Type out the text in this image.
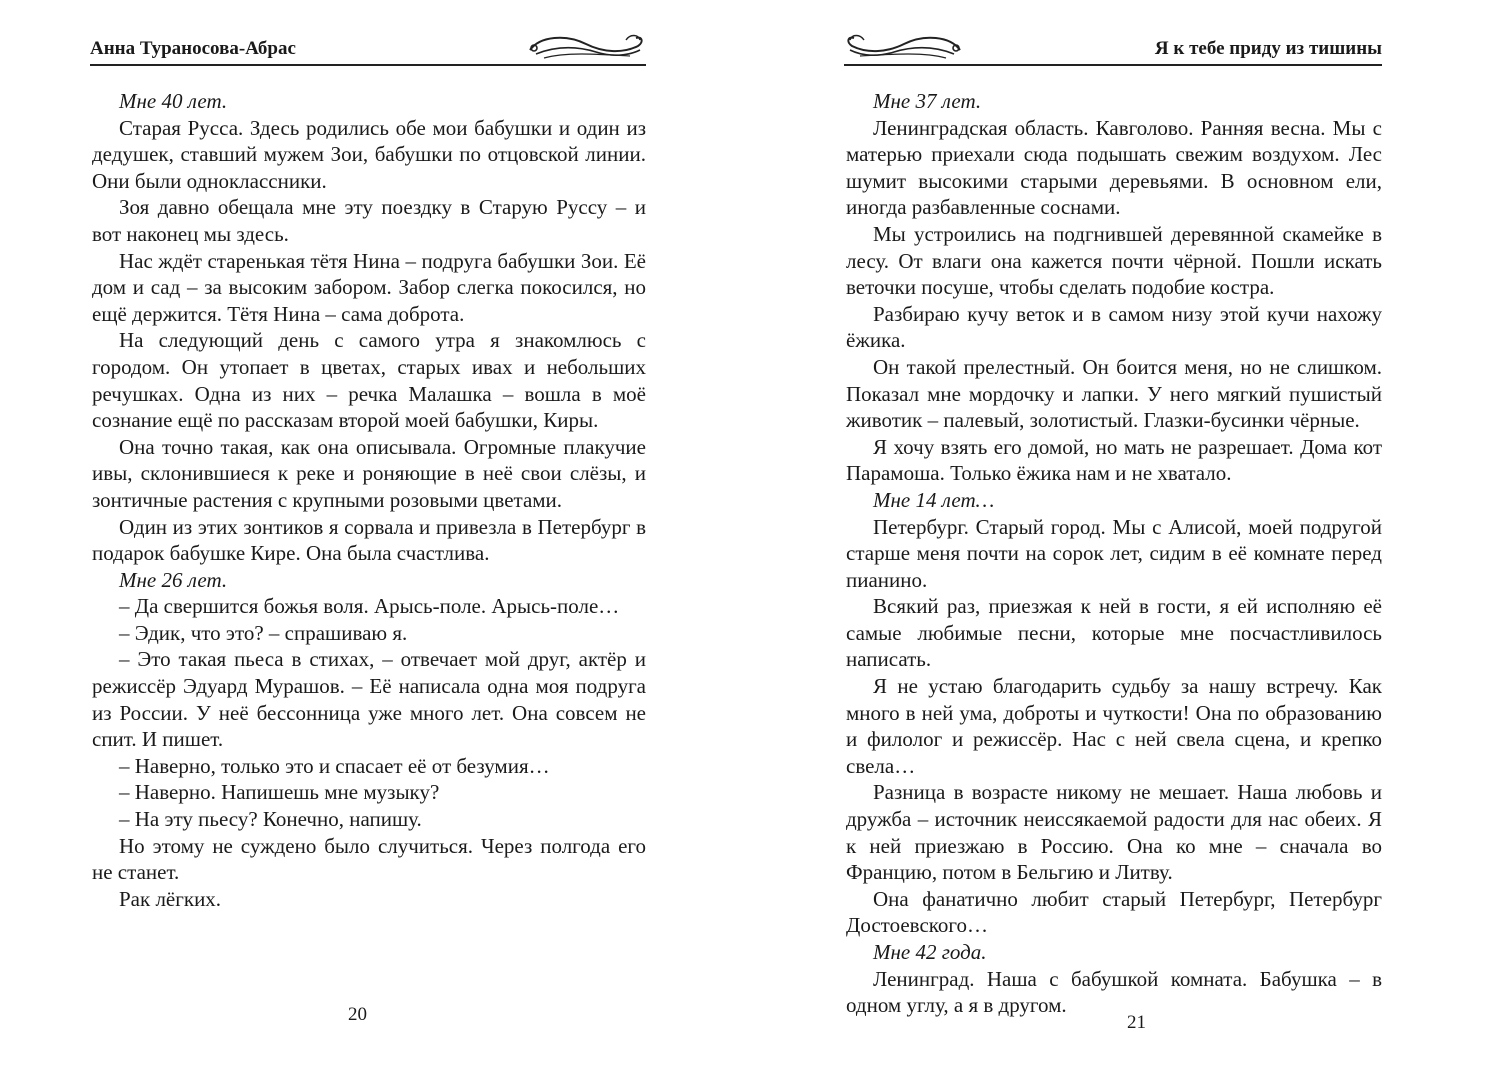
Анна Тураносова-Абрас

Мне 40 лет.

Старая Русса. Здесь родились обе мои бабушки и один из дедушек, ставший мужем Зои, бабушки по отцовской линии. Они были одноклассники.

Зоя давно обещала мне эту поездку в Старую Руссу – и вот наконец мы здесь.

Нас ждёт старенькая тётя Нина – подруга бабушки Зои. Её дом и сад – за высоким забором. Забор слегка покосился, но ещё держится. Тётя Нина – сама доброта.

На следующий день с самого утра я знакомлюсь с городом. Он утопает в цветах, старых ивах и небольших речушках. Одна из них – речка Малашка – вошла в моё сознание ещё по рассказам второй моей бабушки, Киры.

Она точно такая, как она описывала. Огромные плакучие ивы, склонившиеся к реке и роняющие в неё свои слёзы, и зонтичные растения с крупными розовыми цветами.

Один из этих зонтиков я сорвала и привезла в Петербург в подарок бабушке Кире. Она была счастлива.

Мне 26 лет.

– Да свершится божья воля. Арысь-поле. Арысь-поле…

– Эдик, что это? – спрашиваю я.

– Это такая пьеса в стихах, – отвечает мой друг, актёр и режиссёр Эдуард Мурашов. – Её написала одна моя подруга из России. У неё бессонница уже много лет. Она совсем не спит. И пишет.

– Наверно, только это и спасает её от безумия…

– Наверно. Напишешь мне музыку?

– На эту пьесу? Конечно, напишу.

Но этому не суждено было случиться. Через полгода его не станет.

Рак лёгких.

20
Я к тебе приду из тишины

Мне 37 лет.

Ленинградская область. Кавголово. Ранняя весна. Мы с матерью приехали сюда подышать свежим воздухом. Лес шумит высокими старыми деревьями. В основном ели, иногда разбавленные соснами.

Мы устроились на подгнившей деревянной скамейке в лесу. От влаги она кажется почти чёрной. Пошли искать веточки посуше, чтобы сделать подобие костра.

Разбираю кучу веток и в самом низу этой кучи нахожу ёжика.

Он такой прелестный. Он боится меня, но не слишком. Показал мне мордочку и лапки. У него мягкий пушистый животик – палевый, золотистый. Глазки-бусинки чёрные.

Я хочу взять его домой, но мать не разрешает. Дома кот Парамоша. Только ёжика нам и не хватало.

Мне 14 лет…

Петербург. Старый город. Мы с Алисой, моей подругой старше меня почти на сорок лет, сидим в её комнате перед пианино.

Всякий раз, приезжая к ней в гости, я ей исполняю её самые любимые песни, которые мне посчастливилось написать.

Я не устаю благодарить судьбу за нашу встречу. Как много в ней ума, доброты и чуткости! Она по образованию и филолог и режиссёр. Нас с ней свела сцена, и крепко свела…

Разница в возрасте никому не мешает. Наша любовь и дружба – источник неиссякаемой радости для нас обеих. Я к ней приезжаю в Россию. Она ко мне – сначала во Францию, потом в Бельгию и Литву.

Она фанатично любит старый Петербург, Петербург Достоевского…

Мне 42 года.

Ленинград. Наша с бабушкой комната. Бабушка – в одном углу, а я в другом.

21
